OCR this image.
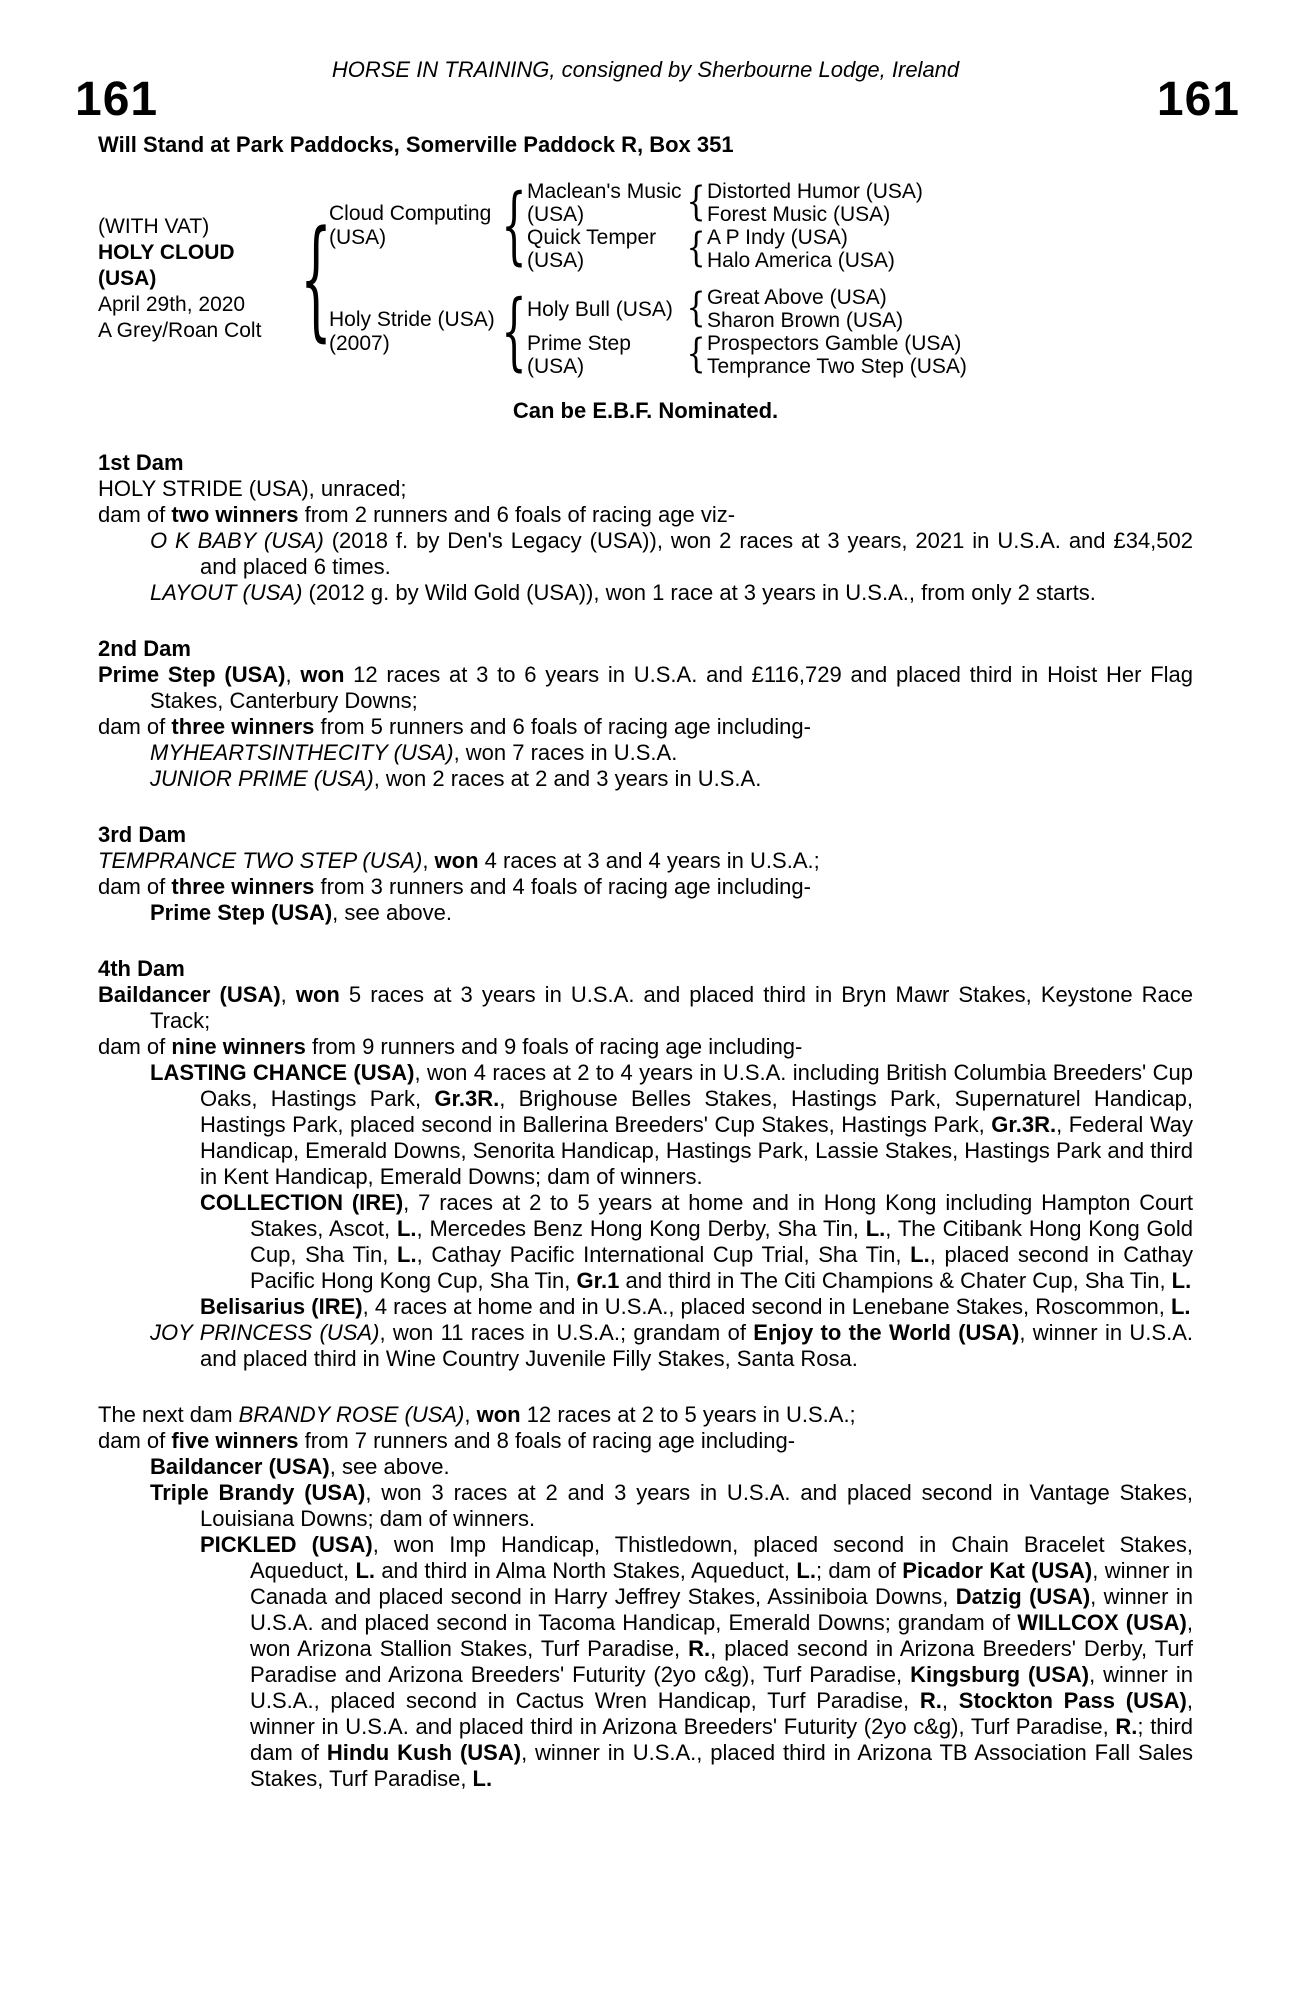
HORSE IN TRAINING, consigned by Sherbourne Lodge, Ireland
161	161
Will Stand at Park Paddocks, Somerville Paddock R, Box 351
(WITH VAT)
HOLY CLOUD
(USA)
April 29th, 2020
A Grey/Roan Colt
{
Cloud Computing (USA)
{
Maclean's Music (USA)
{
Distorted Humor (USA)
Forest Music (USA)
Quick Temper (USA)
{
A P Indy (USA)
Halo America (USA)
Holy Stride (USA) (2007)
{
Holy Bull (USA) {	Great Above (USA)
Sharon Brown (USA)
Prime Step (USA)
{
Prospectors Gamble (USA)
Temprance Two Step (USA)
Can be E.B.F. Nominated.
1st Dam

HOLY STRIDE (USA), unraced;

dam of two winners from 2 runners and 6 foals of racing age viz-

O K BABY (USA) (2018 f. by Den's Legacy (USA)), won 2 races at 3 years, 2021 in U.S.A. and £34,502 and placed 6 times.

LAYOUT (USA) (2012 g. by Wild Gold (USA)), won 1 race at 3 years in U.S.A., from only 2 starts.

2nd Dam

Prime Step (USA), won 12 races at 3 to 6 years in U.S.A. and £116,729 and placed third in Hoist Her Flag Stakes, Canterbury Downs;

dam of three winners from 5 runners and 6 foals of racing age including-

MYHEARTSINTHECITY (USA), won 7 races in U.S.A.

JUNIOR PRIME (USA), won 2 races at 2 and 3 years in U.S.A.

3rd Dam

TEMPRANCE TWO STEP (USA), won 4 races at 3 and 4 years in U.S.A.;

dam of three winners from 3 runners and 4 foals of racing age including-

Prime Step (USA), see above.

4th Dam

Baildancer (USA), won 5 races at 3 years in U.S.A. and placed third in Bryn Mawr Stakes, Keystone Race Track;

dam of nine winners from 9 runners and 9 foals of racing age including-

LASTING CHANCE (USA), won 4 races at 2 to 4 years in U.S.A. including British Columbia Breeders' Cup Oaks, Hastings Park, Gr.3R., Brighouse Belles Stakes, Hastings Park, Supernaturel Handicap, Hastings Park, placed second in Ballerina Breeders' Cup Stakes, Hastings Park, Gr.3R., Federal Way Handicap, Emerald Downs, Senorita Handicap, Hastings Park, Lassie Stakes, Hastings Park and third in Kent Handicap, Emerald Downs; dam of winners.

COLLECTION (IRE), 7 races at 2 to 5 years at home and in Hong Kong including Hampton Court Stakes, Ascot, L., Mercedes Benz Hong Kong Derby, Sha Tin, L., The Citibank Hong Kong Gold Cup, Sha Tin, L., Cathay Pacific International Cup Trial, Sha Tin, L., placed second in Cathay Pacific Hong Kong Cup, Sha Tin, Gr.1 and third in The Citi Champions & Chater Cup, Sha Tin, L.

Belisarius (IRE), 4 races at home and in U.S.A., placed second in Lenebane Stakes, Roscommon, L.

JOY PRINCESS (USA), won 11 races in U.S.A.; grandam of Enjoy to the World (USA), winner in U.S.A. and placed third in Wine Country Juvenile Filly Stakes, Santa Rosa.

The next dam BRANDY ROSE (USA), won 12 races at 2 to 5 years in U.S.A.;

dam of five winners from 7 runners and 8 foals of racing age including-

Baildancer (USA), see above.

Triple Brandy (USA), won 3 races at 2 and 3 years in U.S.A. and placed second in Vantage Stakes, Louisiana Downs; dam of winners.

PICKLED (USA), won Imp Handicap, Thistledown, placed second in Chain Bracelet Stakes, Aqueduct, L. and third in Alma North Stakes, Aqueduct, L.; dam of Picador Kat (USA), winner in Canada and placed second in Harry Jeffrey Stakes, Assiniboia Downs, Datzig (USA), winner in U.S.A. and placed second in Tacoma Handicap, Emerald Downs; grandam of WILLCOX (USA), won Arizona Stallion Stakes, Turf Paradise, R., placed second in Arizona Breeders' Derby, Turf Paradise and Arizona Breeders' Futurity (2yo c&g), Turf Paradise, Kingsburg (USA), winner in U.S.A., placed second in Cactus Wren Handicap, Turf Paradise, R., Stockton Pass (USA), winner in U.S.A. and placed third in Arizona Breeders' Futurity (2yo c&g), Turf Paradise, R.; third dam of Hindu Kush (USA), winner in U.S.A., placed third in Arizona TB Association Fall Sales Stakes, Turf Paradise, L.
